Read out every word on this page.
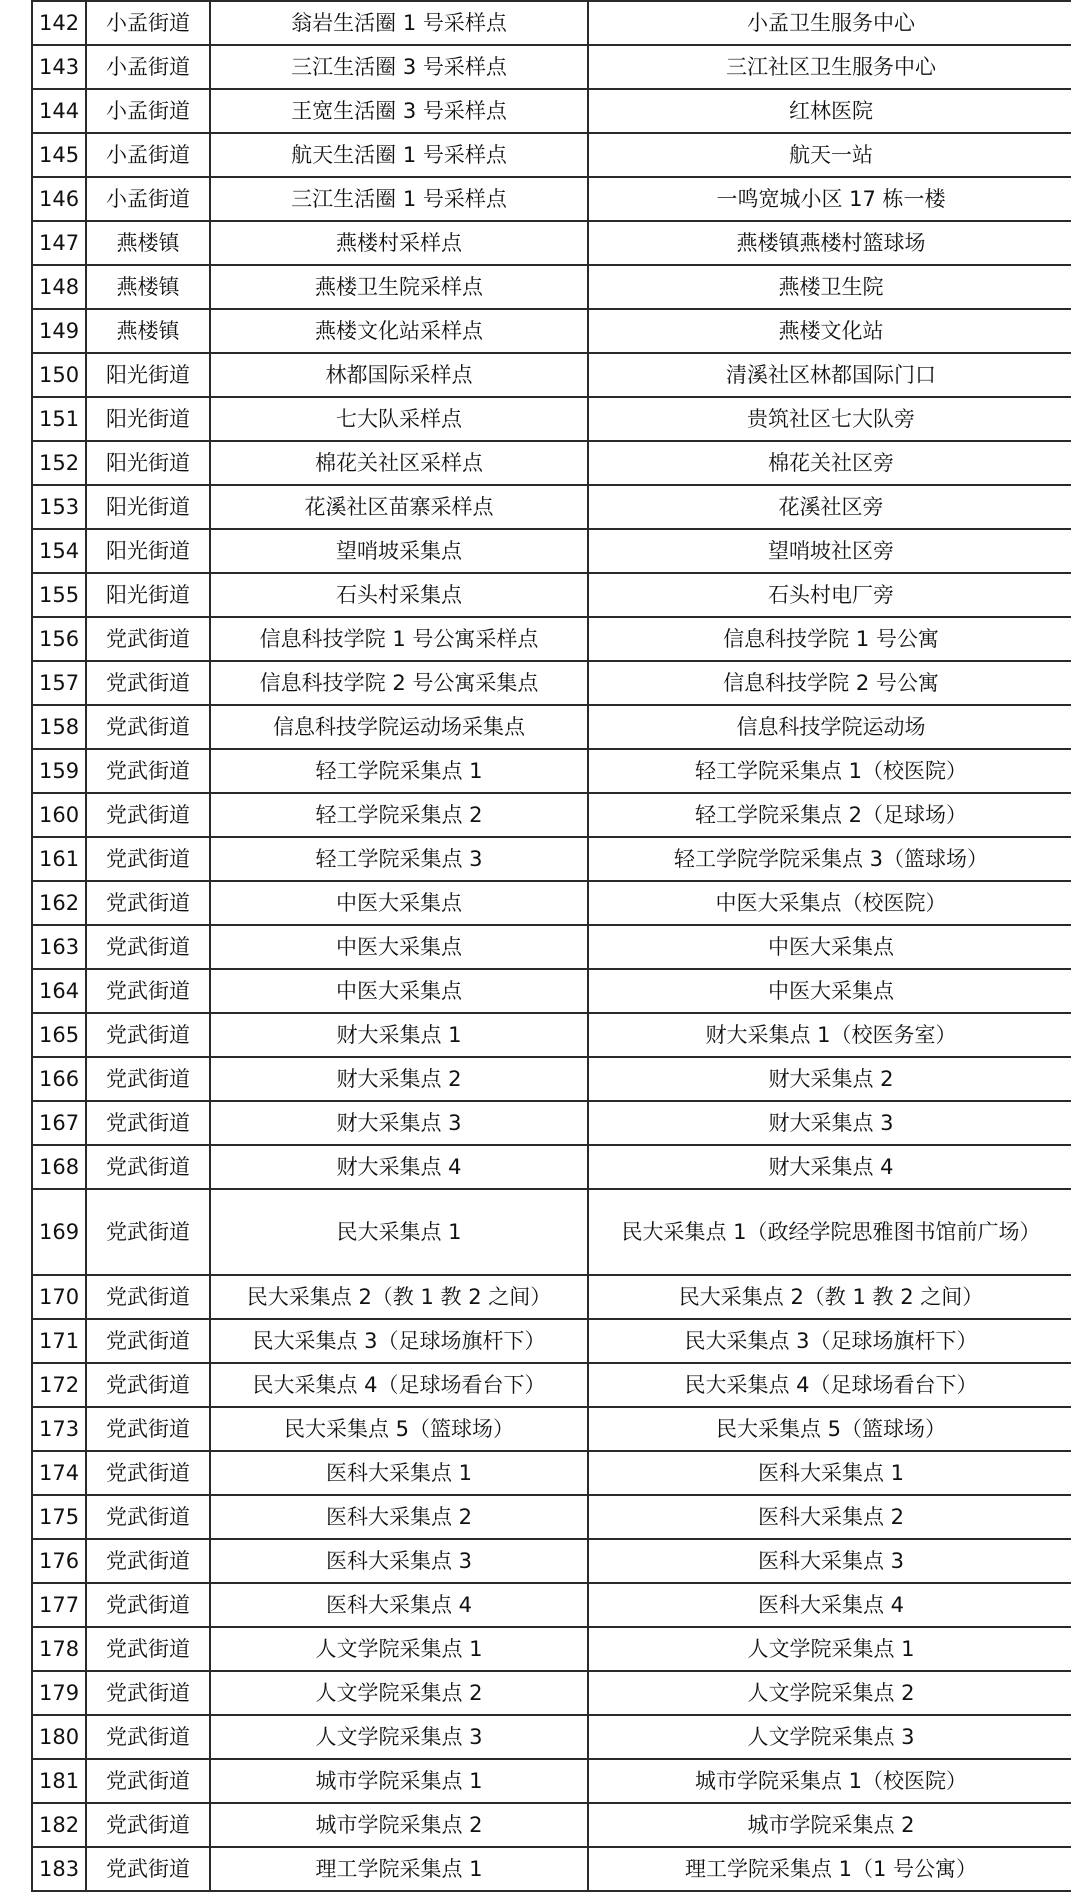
142	小孟街道	翁岩生活圈 1 号采样点	小孟卫生服务中心
143	小孟街道	三江生活圈 3 号采样点	三江社区卫生服务中心
144	小孟街道	王宽生活圈 3 号采样点	红林医院
145	小孟街道	航天生活圈 1 号采样点	航天一站
146	小孟街道	三江生活圈 1 号采样点	一鸣宽城小区 17 栋一楼
147	燕楼镇	燕楼村采样点	燕楼镇燕楼村篮球场
148	燕楼镇	燕楼卫生院采样点	燕楼卫生院
149	燕楼镇	燕楼文化站采样点	燕楼文化站
150	阳光街道	林都国际采样点	清溪社区林都国际门口
151	阳光街道	七大队采样点	贵筑社区七大队旁
152	阳光街道	棉花关社区采样点	棉花关社区旁
153	阳光街道	花溪社区苗寨采样点	花溪社区旁
154	阳光街道	望哨坡采集点	望哨坡社区旁
155	阳光街道	石头村采集点	石头村电厂旁
156	党武街道	信息科技学院 1 号公寓采样点	信息科技学院 1 号公寓
157	党武街道	信息科技学院 2 号公寓采集点	信息科技学院 2 号公寓
158	党武街道	信息科技学院运动场采集点	信息科技学院运动场
159	党武街道	轻工学院采集点 1	轻工学院采集点 1（校医院）
160	党武街道	轻工学院采集点 2	轻工学院采集点 2（足球场）
161	党武街道	轻工学院采集点 3	轻工学院学院采集点 3（篮球场）
162	党武街道	中医大采集点	中医大采集点（校医院）
163	党武街道	中医大采集点	中医大采集点
164	党武街道	中医大采集点	中医大采集点
165	党武街道	财大采集点 1	财大采集点 1（校医务室）
166	党武街道	财大采集点 2	财大采集点 2
167	党武街道	财大采集点 3	财大采集点 3
168	党武街道	财大采集点 4	财大采集点 4
169	党武街道	民大采集点 1	民大采集点 1（政经学院思雅图书馆前广场）
170	党武街道	民大采集点 2（教 1 教 2 之间）	民大采集点 2（教 1 教 2 之间）
171	党武街道	民大采集点 3（足球场旗杆下）	民大采集点 3（足球场旗杆下）
172	党武街道	民大采集点 4（足球场看台下）	民大采集点 4（足球场看台下）
173	党武街道	民大采集点 5（篮球场）	民大采集点 5（篮球场）
174	党武街道	医科大采集点 1	医科大采集点 1
175	党武街道	医科大采集点 2	医科大采集点 2
176	党武街道	医科大采集点 3	医科大采集点 3
177	党武街道	医科大采集点 4	医科大采集点 4
178	党武街道	人文学院采集点 1	人文学院采集点 1
179	党武街道	人文学院采集点 2	人文学院采集点 2
180	党武街道	人文学院采集点 3	人文学院采集点 3
181	党武街道	城市学院采集点 1	城市学院采集点 1（校医院）
182	党武街道	城市学院采集点 2	城市学院采集点 2
183	党武街道	理工学院采集点 1	理工学院采集点 1（1 号公寓）
